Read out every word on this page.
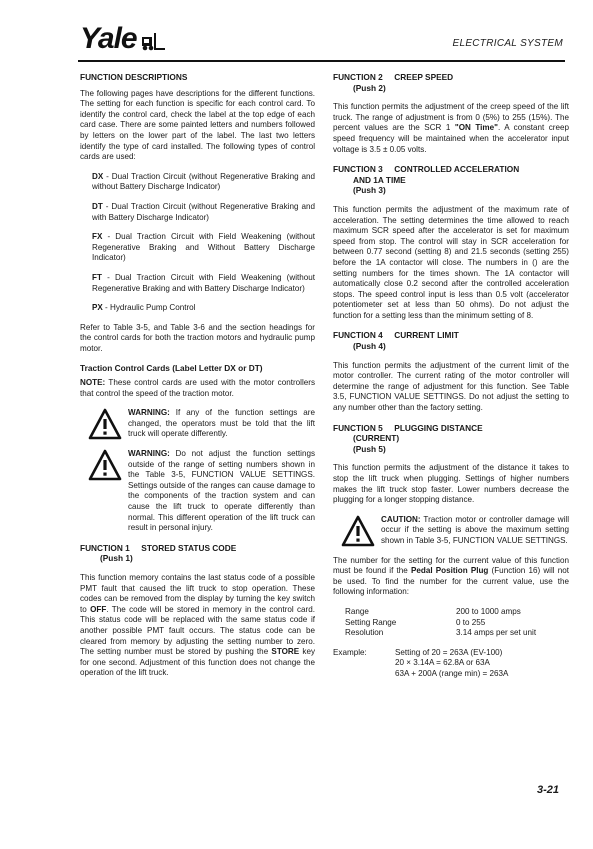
Yale	ELECTRICAL SYSTEM
FUNCTION DESCRIPTIONS

The following pages have descriptions for the different functions. The setting for each function is specific for each control card. To identify the control card, check the label at the top edge of each card case. There are some painted letters and numbers followed by letters on the lower part of the label. The last two letters identify the type of card installed. The following types of control cards are used:

DX - Dual Traction Circuit (without Regenerative Braking and without Battery Discharge Indicator)
DT - Dual Traction Circuit (without Regenerative Braking and with Battery Discharge Indicator)
FX - Dual Traction Circuit with Field Weakening (without Regenerative Braking and Without Battery Discharge Indicator)
FT - Dual Traction Circuit with Field Weakening (without Regenerative Braking and with Battery Discharge Indicator)
PX - Hydraulic Pump Control

Refer to Table 3-5, and Table 3-6 and the section headings for the control cards for both the traction motors and hydraulic pump motor.

Traction Control Cards (Label Letter DX or DT)

NOTE: These control cards are used with the motor controllers that control the speed of the traction motor.

WARNING: If any of the function settings are changed, the operators must be told that the lift truck will operate differently.
WARNING: Do not adjust the function settings outside of the range of setting numbers shown in the Table 3-5, FUNCTION VALUE SETTINGS. Settings outside of the ranges can cause damage to the components of the traction system and can cause the lift truck to operate differently than normal. This different operation of the lift truck can result in personal injury.
FUNCTION 1     STORED STATUS CODE
(Push 1)

This function memory contains the last status code of a possible PMT fault that caused the lift truck to stop operation. These codes can be removed from the display by turning the key switch to OFF. The code will be stored in memory in the control card. This status code will be replaced with the same status code if another possible PMT fault occurs. The status code can be cleared from memory by adjusting the setting number to zero. The setting number must be stored by pushing the STORE key for one second. Adjustment of this function does not change the operation of the lift truck.

FUNCTION 2     CREEP SPEED
(Push 2)

This function permits the adjustment of the creep speed of the lift truck. The range of adjustment is from 0 (5%) to 255 (15%). The percent values are the SCR 1 "ON Time". A constant creep speed frequency will be maintained when the accelerator input voltage is 3.5 ± 0.05 volts.

FUNCTION 3     CONTROLLED ACCELERATION
AND 1A TIME
(Push 3)

This function permits the adjustment of the maximum rate of acceleration. The setting determines the time allowed to reach maximum SCR speed after the accelerator is set for maximum speed from stop. The control will stay in SCR acceleration for between 0.77 second (setting 8) and 21.5 seconds (setting 255) before the 1A contactor will close. The numbers in () are the setting numbers for the times shown. The 1A contactor will automatically close 0.2 second after the controlled acceleration stops. The speed control input is less than 0.5 volt (accelerator potentiometer set at less than 50 ohms). Do not adjust the function for a setting less than the minimum setting of 8.

FUNCTION 4     CURRENT LIMIT
(Push 4)

This function permits the adjustment of the current limit of the motor controller. The current rating of the motor controller will determine the range of adjustment for this function. See Table 3.5, FUNCTION VALUE SETTINGS. Do not adjust the setting to any number other than the factory setting.

FUNCTION 5     PLUGGING DISTANCE
(CURRENT)
(Push 5)

This function permits the adjustment of the distance it takes to stop the lift truck when plugging. Settings of higher numbers makes the lift truck stop faster. Lower numbers decrease the plugging for a longer stopping distance.

CAUTION: Traction motor or controller damage will occur if the setting is above the maximum setting shown in Table 3-5, FUNCTION VALUE SETTINGS.

The number for the setting for the current value of this function must be found if the Pedal Position Plug (Function 16) will not be used. To find the number for the current value, use the following information:

Range	200 to 1000 amps
Setting Range	0 to 255
Resolution	3.14 amps per set unit
Example:	Setting of 20 = 263A (EV-100)
20 × 3.14A = 62.8A or 63A
63A + 200A (range min) = 263A
3-21
